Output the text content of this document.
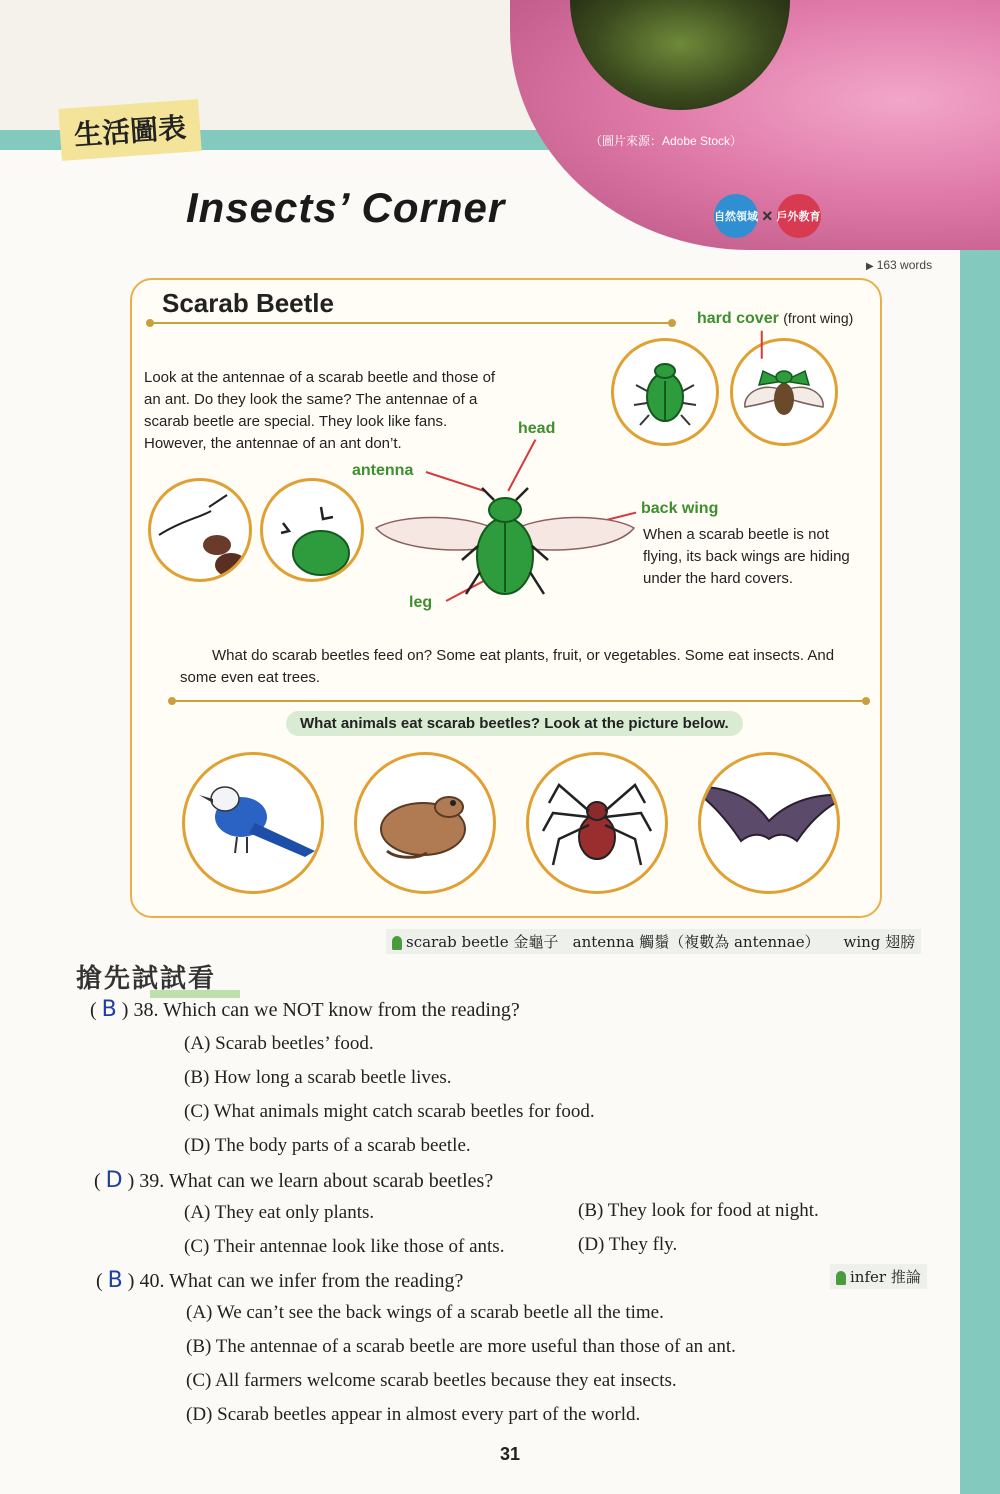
（圖片來源：Adobe Stock）
生活圖表
Insects’ Corner	自然領域 × 戶外教育
▶ 163 words
Scarab Beetle
Look at the antennae of a scarab beetle and those of an ant. Do they look the same? The antennae of a scarab beetle are special. They look like fans. However, the antennae of an ant don’t.
hard cover (front wing)
head
antenna
back wing
leg
When a scarab beetle is not flying, its back wings are hiding under the hard covers.
What do scarab beetles feed on? Some eat plants, fruit, or vegetables. Some eat insects. And some even eat trees.
What animals eat scarab beetles? Look at the picture below.
scarab beetle 金龜子 antenna 觸鬚（複數為 antennae） wing 翅膀
搶先試試看
( B ) 38. Which can we NOT know from the reading?
(A) Scarab beetles’ food.
(B) How long a scarab beetle lives.
(C) What animals might catch scarab beetles for food.
(D) The body parts of a scarab beetle.
( D ) 39. What can we learn about scarab beetles?
(A) They eat only plants.	(B) They look for food at night.
(C) Their antennae look like those of ants.	(D) They fly.
( B ) 40. What can we infer from the reading?	infer 推論
(A) We can’t see the back wings of a scarab beetle all the time.
(B) The antennae of a scarab beetle are more useful than those of an ant.
(C) All farmers welcome scarab beetles because they eat insects.
(D) Scarab beetles appear in almost every part of the world.
31
